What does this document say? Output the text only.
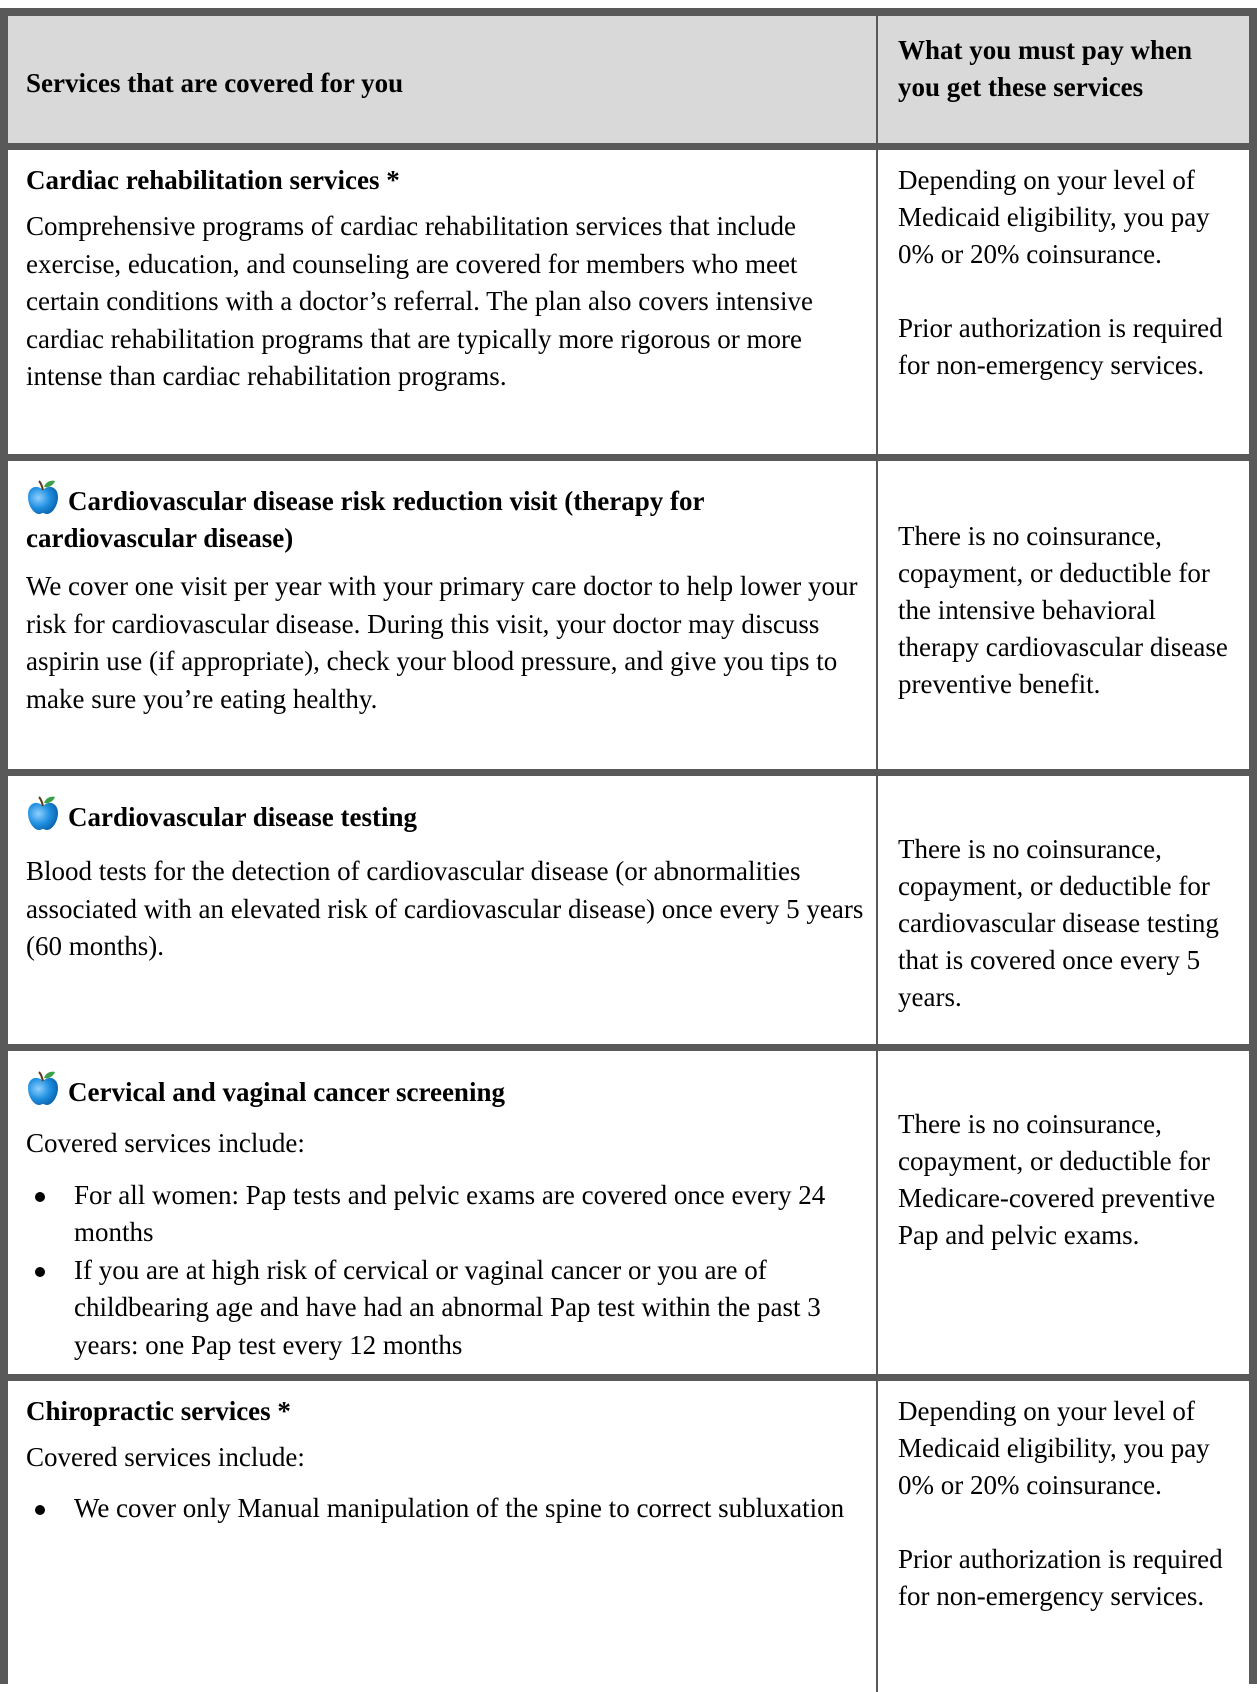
Services that are covered for you
What you must pay when
you get these services

Cardiac rehabilitation services *

Comprehensive programs of cardiac rehabilitation services that include exercise, education, and counseling are covered for members who meet certain conditions with a doctor’s referral. The plan also covers intensive cardiac rehabilitation programs that are typically more rigorous or more intense than cardiac rehabilitation programs.

Depending on your level of Medicaid eligibility, you pay 0% or 20% coinsurance.

Prior authorization is required for non-emergency services.

Cardiovascular disease risk reduction visit (therapy for cardiovascular disease)

We cover one visit per year with your primary care doctor to help lower your risk for cardiovascular disease. During this visit, your doctor may discuss aspirin use (if appropriate), check your blood pressure, and give you tips to make sure you’re eating healthy.

There is no coinsurance, copayment, or deductible for the intensive behavioral therapy cardiovascular disease preventive benefit.

Cardiovascular disease testing

Blood tests for the detection of cardiovascular disease (or abnormalities associated with an elevated risk of cardiovascular disease) once every 5 years (60 months).

There is no coinsurance, copayment, or deductible for cardiovascular disease testing that is covered once every 5 years.

Cervical and vaginal cancer screening

Covered services include:

For all women: Pap tests and pelvic exams are covered once every 24 months
If you are at high risk of cervical or vaginal cancer or you are of childbearing age and have had an abnormal Pap test within the past 3 years: one Pap test every 12 months

There is no coinsurance, copayment, or deductible for Medicare-covered preventive Pap and pelvic exams.

Chiropractic services *

Covered services include:

We cover only Manual manipulation of the spine to correct subluxation

Depending on your level of Medicaid eligibility, you pay 0% or 20% coinsurance.

Prior authorization is required for non-emergency services.
